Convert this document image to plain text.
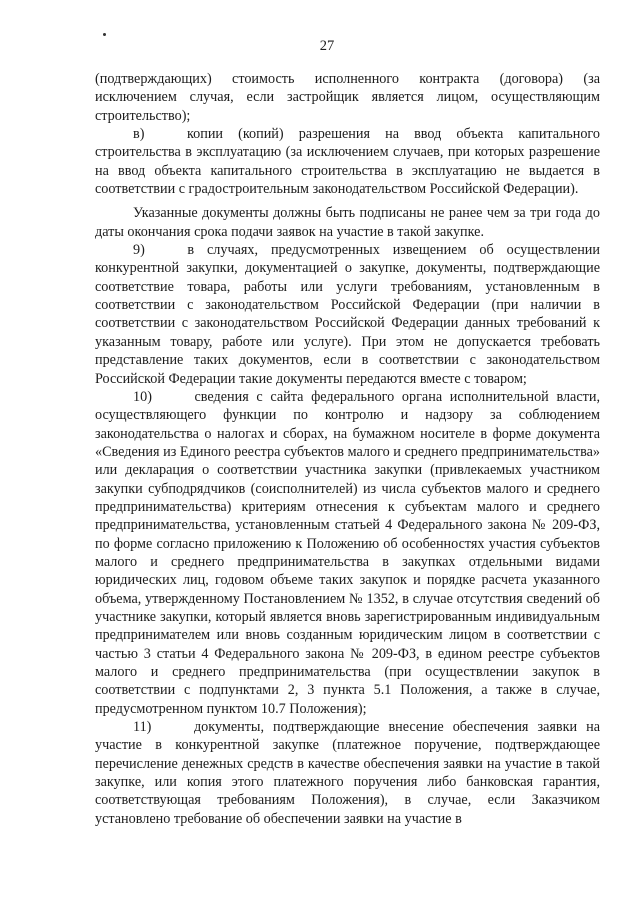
27

(подтверждающих) стоимость исполненного контракта (договора) (за исключением случая, если застройщик является лицом, осуществляющим строительство);

в)   копии (копий) разрешения на ввод объекта капитального строительства в эксплуатацию (за исключением случаев, при которых разрешение на ввод объекта капитального строительства в эксплуатацию не выдается в соответствии с градостроительным законодательством Российской Федерации).

Указанные документы должны быть подписаны не ранее чем за три года до даты окончания срока подачи заявок на участие в такой закупке.

9)   в случаях, предусмотренных извещением об осуществлении конкурентной закупки, документацией о закупке, документы, подтверждающие соответствие товара, работы или услуги требованиям, установленным в соответствии с законодательством Российской Федерации (при наличии в соответствии с законодательством Российской Федерации данных требований к указанным товару, работе или услуге). При этом не допускается требовать представление таких документов, если в соответствии с законодательством Российской Федерации такие документы передаются вместе с товаром;

10)   сведения с сайта федерального органа исполнительной власти, осуществляющего функции по контролю и надзору за соблюдением законодательства о налогах и сборах, на бумажном носителе в форме документа «Сведения из Единого реестра субъектов малого и среднего предпринимательства» или декларация о соответствии участника закупки (привлекаемых участником закупки субподрядчиков (соисполнителей) из числа субъектов малого и среднего предпринимательства) критериям отнесения к субъектам малого и среднего предпринимательства, установленным статьей 4 Федерального закона № 209-ФЗ, по форме согласно приложению к Положению об особенностях участия субъектов малого и среднего предпринимательства в закупках отдельными видами юридических лиц, годовом объеме таких закупок и порядке расчета указанного объема, утвержденному Постановлением № 1352, в случае отсутствия сведений об участнике закупки, который является вновь зарегистрированным индивидуальным предпринимателем или вновь созданным юридическим лицом в соответствии с частью 3 статьи 4 Федерального закона № 209-ФЗ, в едином реестре субъектов малого и среднего предпринимательства (при осуществлении закупок в соответствии с подпунктами 2, 3 пункта 5.1 Положения, а также в случае, предусмотренном пунктом 10.7 Положения);

11)   документы, подтверждающие внесение обеспечения заявки на участие в конкурентной закупке (платежное поручение, подтверждающее перечисление денежных средств в качестве обеспечения заявки на участие в такой закупке, или копия этого платежного поручения либо банковская гарантия, соответствующая требованиям Положения), в случае, если Заказчиком установлено требование об обеспечении заявки на участие в
